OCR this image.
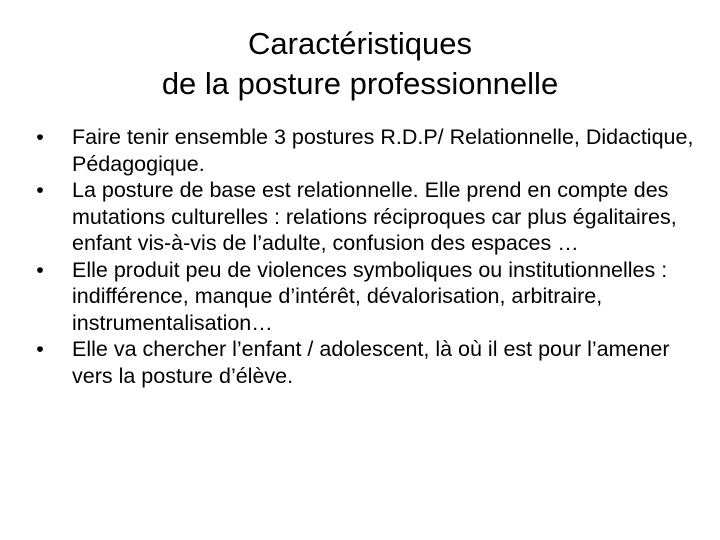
Caractéristiques
de la posture professionnelle
• Faire tenir ensemble 3 postures R.D.P/ Relationnelle, Didactique, Pédagogique.
• La posture de base est relationnelle. Elle prend en compte des mutations culturelles : relations réciproques car plus égalitaires, enfant vis-à-vis de l’adulte, confusion des espaces …
• Elle produit peu de violences symboliques ou institutionnelles : indifférence, manque d’intérêt, dévalorisation, arbitraire, instrumentalisation…
• Elle va chercher l’enfant / adolescent, là où il est pour l’amener vers la posture d’élève.
